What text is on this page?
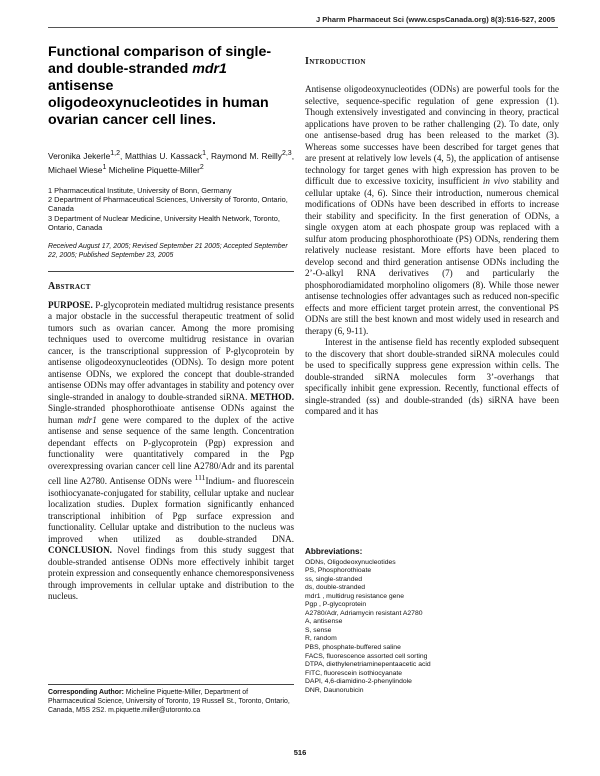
J Pharm Pharmaceut Sci (www.cspsCanada.org) 8(3):516-527, 2005
Functional comparison of single-
and double-stranded mdr1 antisense
oligodeoxynucleotides in human
ovarian cancer cell lines.

Veronika Jekerle$^{1,2}$, Matthias U. Kassack$^1$, Raymond M. Reilly$^{2,3}$, Michael Wiese$^1$ Micheline Piquette-Miller$^2$

1 Pharmaceutical Institute, University of Bonn, Germany
2 Department of Pharmaceutical Sciences, University of Toronto, Ontario, Canada
3 Department of Nuclear Medicine, University Health Network, Toronto, Ontario, Canada

Received August 17, 2005; Revised September 21 2005; Accepted September 22, 2005; Published September 23, 2005

Abstract

PURPOSE. P-glycoprotein mediated multidrug resistance presents a major obstacle in the successful therapeutic treatment of solid tumors such as ovarian cancer. Among the more promising techniques used to overcome multidrug resistance in ovarian cancer, is the transcriptional suppression of P-glycoprotein by antisense oligodeoxynucleotides (ODNs). To design more potent antisense ODNs, we explored the concept that double-stranded antisense ODNs may offer advantages in stability and potency over single-stranded in analogy to double-stranded siRNA. METHOD. Single-stranded phosphorothioate antisense ODNs against the human mdr1 gene were compared to the duplex of the active antisense and sense sequence of the same length. Concentration dependant effects on P-glycoprotein (Pgp) expression and functionality were quantitatively compared in the Pgp overexpressing ovarian cancer cell line A2780/Adr and its parental cell line A2780. Antisense ODNs were $^{111}$Indium- and fluorescein isothiocyanate-conjugated for stability, cellular uptake and nuclear localization studies. Duplex formation significantly enhanced transcriptional inhibition of Pgp surface expression and functionality. Cellular uptake and distribution to the nucleus was improved when utilized as double-stranded DNA. CONCLUSION. Novel findings from this study suggest that double-stranded antisense ODNs more effectively inhibit target protein expression and consequently enhance chemoresponsiveness through improvements in cellular uptake and distribution to the nucleus.

Introduction

Antisense oligodeoxynucleotides (ODNs) are powerful tools for the selective, sequence-specific regulation of gene expression (1). Though extensively investigated and convincing in theory, practical applications have proven to be rather challenging (2). To date, only one antisense-based drug has been released to the market (3). Whereas some successes have been described for target genes that are present at relatively low levels (4, 5), the application of antisense technology for target genes with high expression has proven to be difficult due to excessive toxicity, insufficient in vivo stability and cellular uptake (4, 6). Since their introduction, numerous chemical modifications of ODNs have been described in efforts to increase their stability and specificity. In the first generation of ODNs, a single oxygen atom at each phospate group was replaced with a sulfur atom producing phosphorothioate (PS) ODNs, rendering them relatively nuclease resistant. More efforts have been placed to develop second and third generation antisense ODNs including the 2’-O-alkyl RNA derivatives (7) and particularly the phosphorodiamidated morpholino oligomers (8). While those newer antisense technologies offer advantages such as reduced non-specific effects and more efficient target protein arrest, the conventional PS ODNs are still the best known and most widely used in research and therapy (6, 9-11).

Interest in the antisense field has recently exploded subsequent to the discovery that short double-stranded siRNA molecules could be used to specifically suppress gene expression within cells. The double-stranded siRNA molecules form 3’-overhangs that specifically inhibit gene expression. Recently, functional effects of single-stranded (ss) and double-stranded (ds) siRNA have been compared and it has

Abbreviations:
ODNs, Oligodeoxynucleotides
PS, Phosphorothioate
ss, single-stranded
ds, double-stranded
mdr1 , multidrug resistance gene
Pgp , P-glycoprotein
A2780/Adr, Adriamycin resistant A2780
A, antisense
S, sense
R, random
PBS, phosphate-buffered saline
FACS, fluorescence assorted cell sorting
DTPA, diethylenetriaminepentaacetic acid
FITC, fluorescein isothiocyanate
DAPI, 4,6-diamidino-2-phenylindole
DNR, Daunorubicin
Corresponding Author: Micheline Piquette-Miller, Department of Pharmaceutical Science, University of Toronto, 19 Russell St., Toronto, Ontario, Canada, M5S 2S2. m.piquette.miller@utoronto.ca
516
